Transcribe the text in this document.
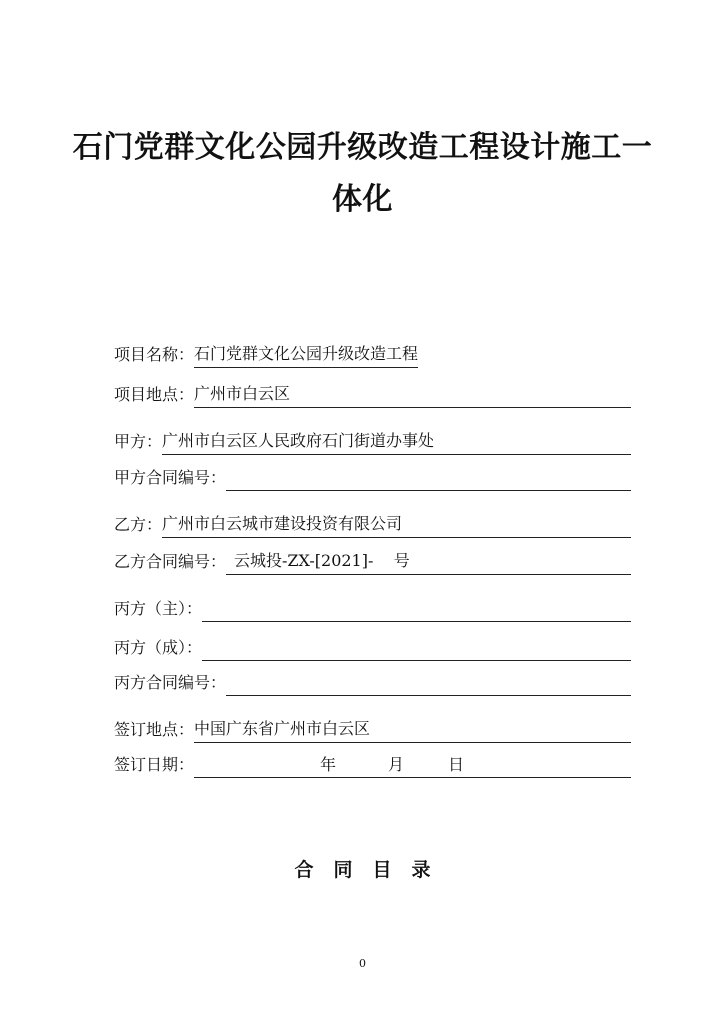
石门党群文化公园升级改造工程设计施工一
体化
项目名称： 石门党群文化公园升级改造工程
项目地点： 广州市白云区
甲方： 广州市白云区人民政府石门街道办事处
甲方合同编号：
乙方： 广州市白云城市建设投资有限公司
乙方合同编号： 云城投-ZX-[2021]-    号
丙方（主）：
丙方（成）：
丙方合同编号：
签订地点： 中国广东省广州市白云区
签订日期：	年	月	日
合同目录
0
